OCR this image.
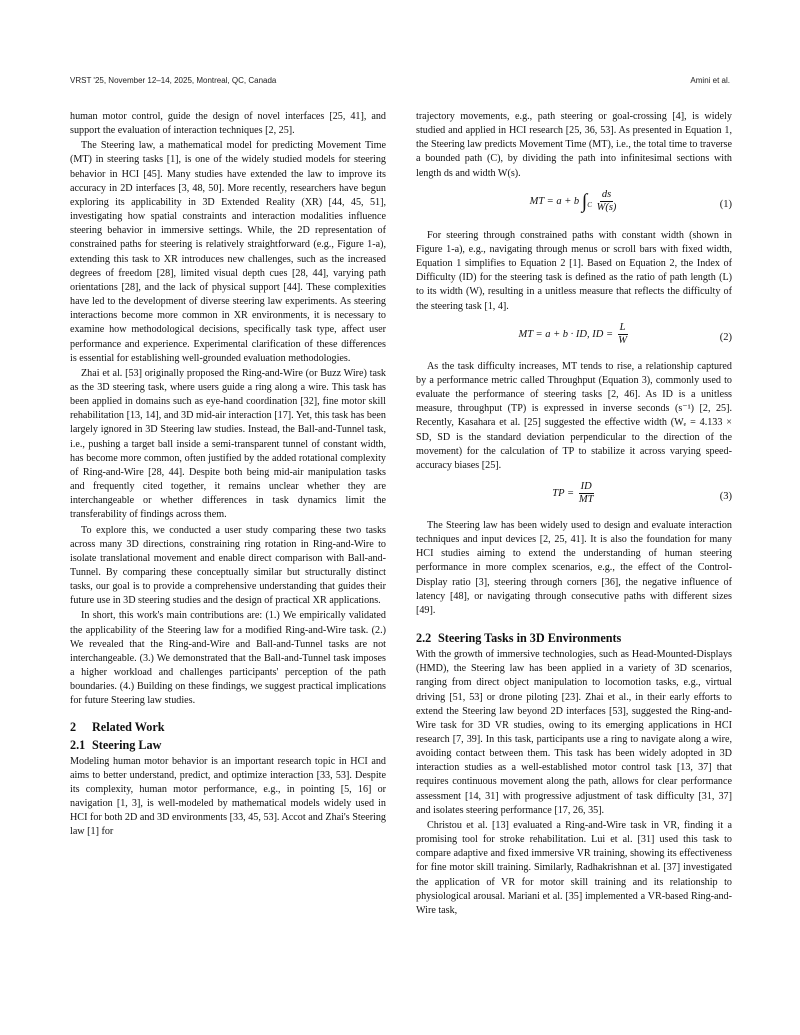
VRST '25, November 12–14, 2025, Montreal, QC, Canada	Amini et al.

human motor control, guide the design of novel interfaces [25, 41], and support the evaluation of interaction techniques [2, 25].

The Steering law, a mathematical model for predicting Movement Time (MT) in steering tasks [1], is one of the widely studied models for steering behavior in HCI [45]. Many studies have extended the law to improve its accuracy in 2D interfaces [3, 48, 50]. More recently, researchers have begun exploring its applicability in 3D Extended Reality (XR) [44, 45, 51], investigating how spatial constraints and interaction modalities influence steering behavior in immersive settings. While, the 2D representation of constrained paths for steering is relatively straightforward (e.g., Figure 1-a), extending this task to XR introduces new challenges, such as the increased degrees of freedom [28], limited visual depth cues [28, 44], varying path orientations [28], and the lack of physical support [44]. These complexities have led to the development of diverse steering law experiments. As steering interactions become more common in XR environments, it is necessary to examine how methodological decisions, specifically task type, affect user performance and experience. Experimental clarification of these differences is essential for establishing well-grounded evaluation methodologies.

Zhai et al. [53] originally proposed the Ring-and-Wire (or Buzz Wire) task as the 3D steering task, where users guide a ring along a wire. This task has been applied in domains such as eye-hand coordination [32], fine motor skill rehabilitation [13, 14], and 3D mid-air interaction [17]. Yet, this task has been largely ignored in 3D Steering law studies. Instead, the Ball-and-Tunnel task, i.e., pushing a target ball inside a semi-transparent tunnel of constant width, has become more common, often justified by the added rotational complexity of Ring-and-Wire [28, 44]. Despite both being mid-air manipulation tasks and frequently cited together, it remains unclear whether they are interchangeable or whether differences in task dynamics limit the transferability of findings across them.

To explore this, we conducted a user study comparing these two tasks across many 3D directions, constraining ring rotation in Ring-and-Wire to isolate translational movement and enable direct comparison with Ball-and-Tunnel. By comparing these conceptually similar but structurally distinct tasks, our goal is to provide a comprehensive understanding that guides their future use in 3D steering studies and the design of practical XR applications.

In short, this work's main contributions are: (1.) We empirically validated the applicability of the Steering law for a modified Ring-and-Wire task. (2.) We revealed that the Ring-and-Wire and Ball-and-Tunnel tasks are not interchangeable. (3.) We demonstrated that the Ball-and-Tunnel task imposes a higher workload and challenges participants' perception of the path boundaries. (4.) Building on these findings, we suggest practical implications for future Steering law studies.

2 Related Work
2.1 Steering Law

Modeling human motor behavior is an important research topic in HCI and aims to better understand, predict, and optimize interaction [33, 53]. Despite its complexity, human motor performance, e.g., in pointing [5, 16] or navigation [1, 3], is well-modeled by mathematical models widely used in HCI for both 2D and 3D environments [33, 45, 53]. Accot and Zhai's Steering law [1] for

trajectory movements, e.g., path steering or goal-crossing [4], is widely studied and applied in HCI research [25, 36, 53]. As presented in Equation 1, the Steering law predicts Movement Time (MT), i.e., the total time to traverse a bounded path (C), by dividing the path into infinitesimal sections with length ds and width W(s).

MT = a + b $\int_C \frac{ds}{W(s)}$	(1)

For steering through constrained paths with constant width (shown in Figure 1-a), e.g., navigating through menus or scroll bars with fixed width, Equation 1 simplifies to Equation 2 [1]. Based on Equation 2, the Index of Difficulty (ID) for the steering task is defined as the ratio of path length (L) to its width (W), resulting in a unitless measure that reflects the difficulty of the steering task [1, 4].

MT = a + b · ID, ID = $\frac{L}{W}$	(2)

As the task difficulty increases, MT tends to rise, a relationship captured by a performance metric called Throughput (Equation 3), commonly used to evaluate the performance of steering tasks [2, 46]. As ID is a unitless measure, throughput (TP) is expressed in inverse seconds (s⁻¹) [2, 25]. Recently, Kasahara et al. [25] suggested the effective width (Wₑ = 4.133 × SD, SD is the standard deviation perpendicular to the direction of the movement) for the calculation of TP to stabilize it across varying speed-accuracy biases [25].

TP = $\frac{ID}{MT}$	(3)

The Steering law has been widely used to design and evaluate interaction techniques and input devices [2, 25, 41]. It is also the foundation for many HCI studies aiming to extend the understanding of human steering performance in more complex scenarios, e.g., the effect of the Control-Display ratio [3], steering through corners [36], the negative influence of latency [48], or navigating through consecutive paths with different sizes [49].

2.2 Steering Tasks in 3D Environments

With the growth of immersive technologies, such as Head-Mounted-Displays (HMD), the Steering law has been applied in a variety of 3D scenarios, ranging from direct object manipulation to locomotion tasks, e.g., virtual driving [51, 53] or drone piloting [23]. Zhai et al., in their early efforts to extend the Steering law beyond 2D interfaces [53], suggested the Ring-and-Wire task for 3D VR studies, owing to its emerging applications in HCI research [7, 39]. In this task, participants use a ring to navigate along a wire, avoiding contact between them. This task has been widely adopted in 3D interaction studies as a well-established motor control task [13, 37] that requires continuous movement along the path, allows for clear performance assessment [14, 31] with progressive adjustment of task difficulty [31, 37] and isolates steering performance [17, 26, 35].

Christou et al. [13] evaluated a Ring-and-Wire task in VR, finding it a promising tool for stroke rehabilitation. Lui et al. [31] used this task to compare adaptive and fixed immersive VR training, showing its effectiveness for fine motor skill training. Similarly, Radhakrishnan et al. [37] investigated the application of VR for motor skill training and its relationship to physiological arousal. Mariani et al. [35] implemented a VR-based Ring-and-Wire task,
